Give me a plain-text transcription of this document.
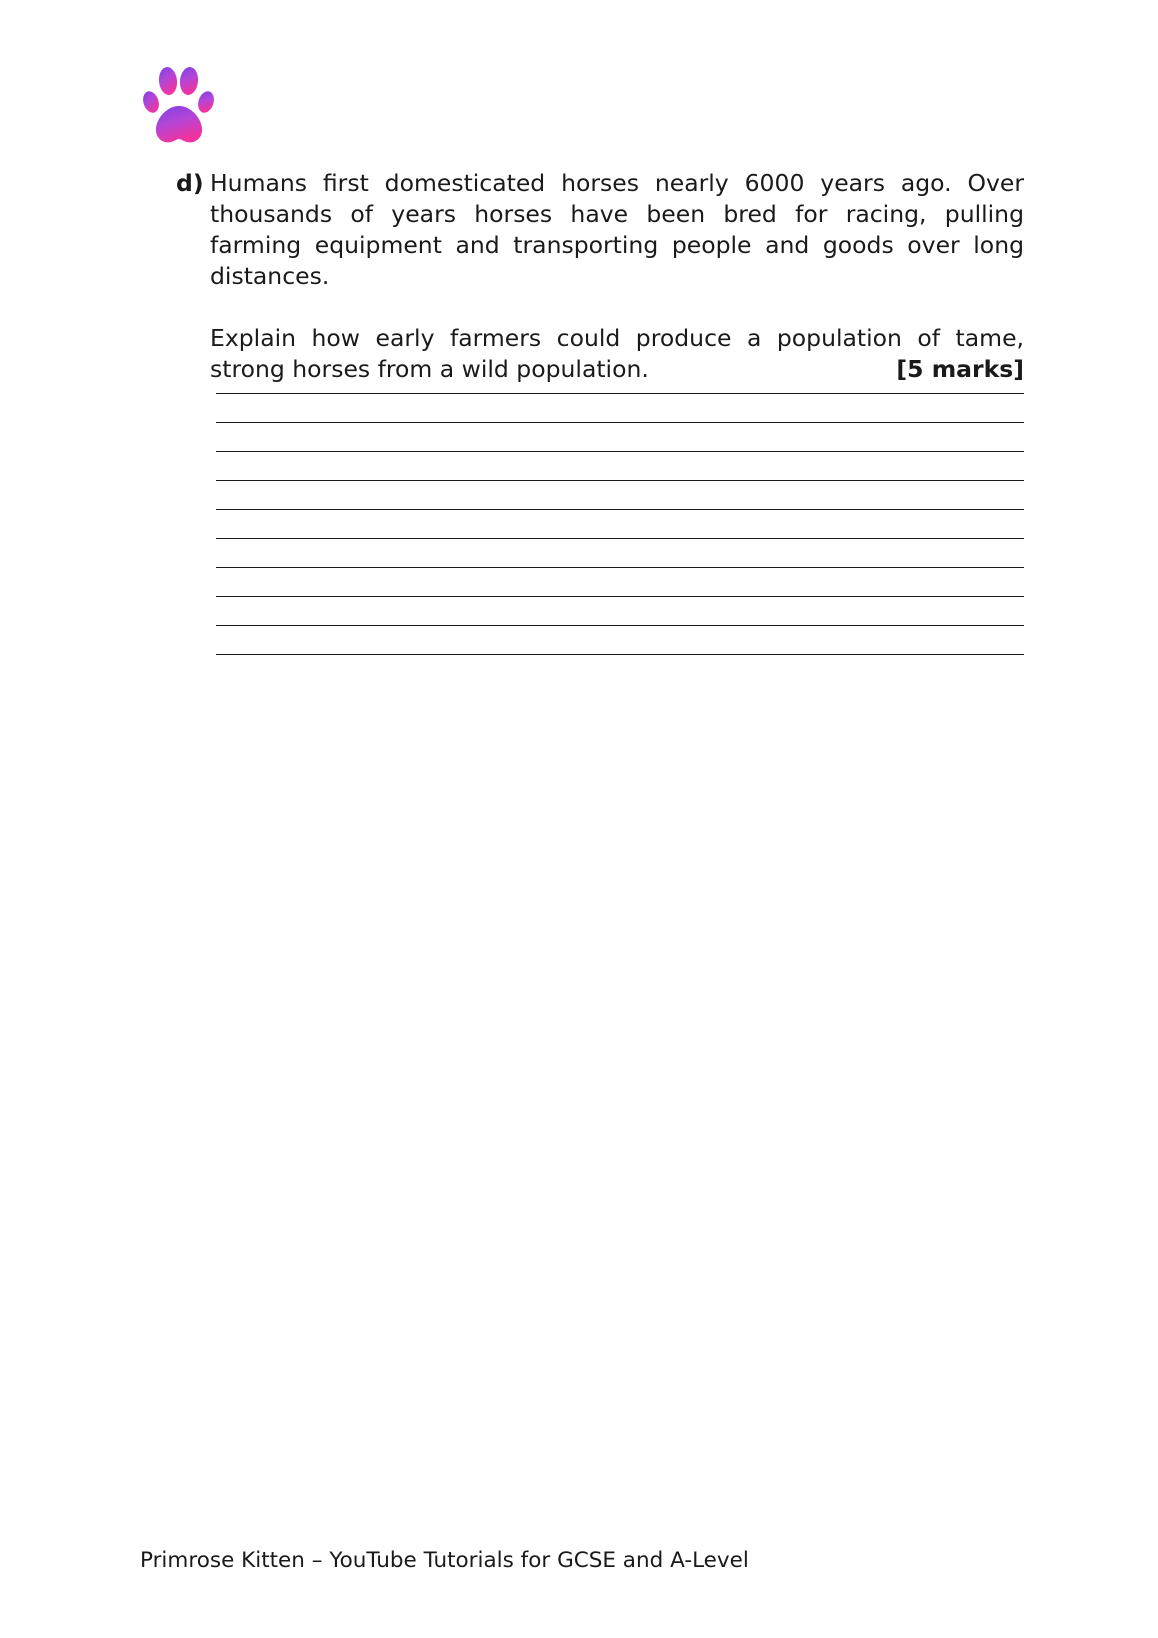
d) Humans first domesticated horses nearly 6000 years ago. Over thousands of years horses have been bred for racing, pulling farming equipment and transporting people and goods over long distances.

Explain how early farmers could produce a population of tame, strong horses from a wild population.	[5 marks]
Primrose Kitten – YouTube Tutorials for GCSE and A-Level
